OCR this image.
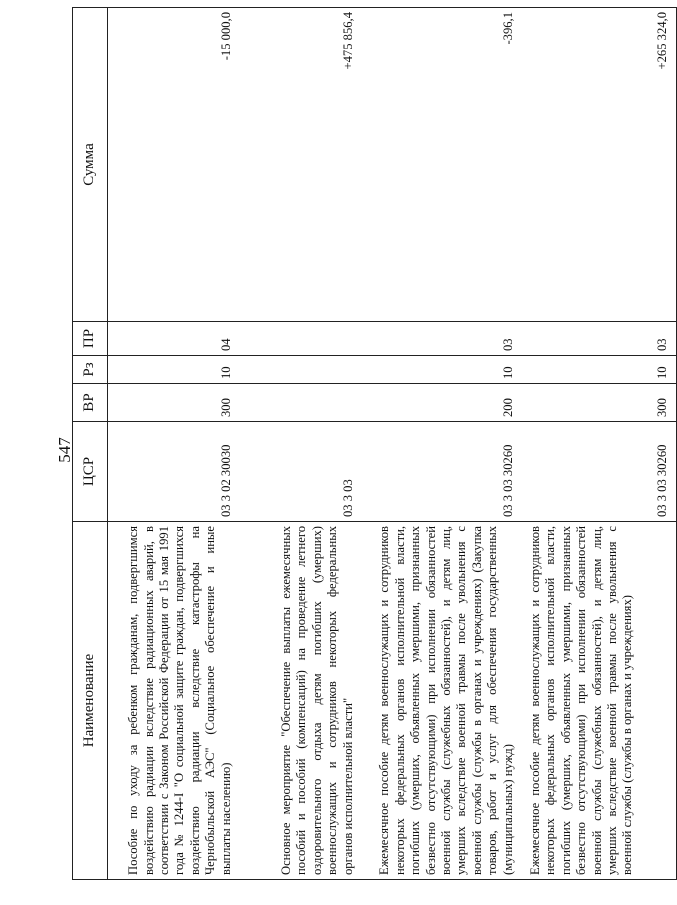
547
Наименование	ЦСР	ВР	Рз	ПР	Сумма
Пособие по уходу за ребенком гражданам, подвергшимся воздействию радиации вследствие радиационных аварий, в соответствии с Законом Российской Федерации от 15 мая 1991 года № 1244-I "О социальной защите граждан, подвергшихся воздействию радиации вследствие катастрофы на Чернобыльской АЭС" (Социальное обеспечение и иные выплаты населению)	03 3 02 30030	300	10	04	-15 000,0
Основное мероприятие "Обеспечение выплаты ежемесячных пособий и пособий (компенсаций) на проведение летнего оздоровительного отдыха детям погибших (умерших) военнослужащих и сотрудников некоторых федеральных органов исполнительной власти"	03 3 03				+475 856,4
Ежемесячное пособие детям военнослужащих и сотрудников некоторых федеральных органов исполнительной власти, погибших (умерших, объявленных умершими, признанных безвестно отсутствующими) при исполнении обязанностей военной службы (служебных обязанностей), и детям лиц, умерших вследствие военной травмы после увольнения с военной службы (службы в органах и учреждениях) (Закупка товаров, работ и услуг для обеспечения государственных (муниципальных) нужд)	03 3 03 30260	200	10	03	-396,1
Ежемесячное пособие детям военнослужащих и сотрудников некоторых федеральных органов исполнительной власти, погибших (умерших, объявленных умершими, признанных безвестно отсутствующими) при исполнении обязанностей военной службы (служебных обязанностей), и детям лиц, умерших вследствие военной травмы после увольнения с военной службы (службы в органах и учреждениях)	03 3 03 30260	300	10	03	+265 324,0
